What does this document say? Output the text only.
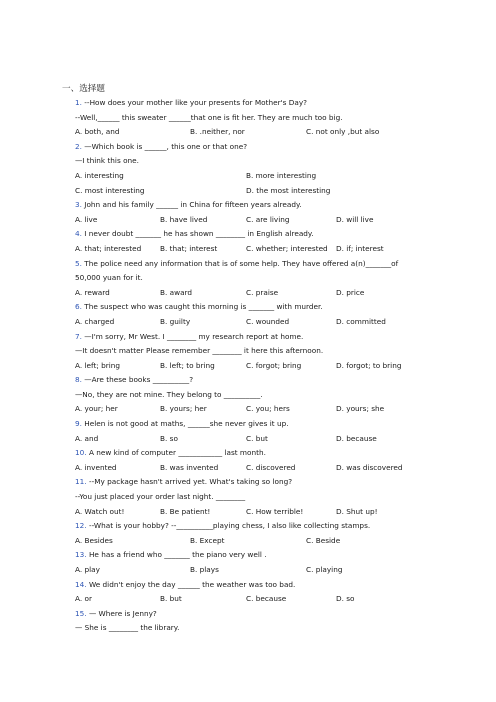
一、选择题
1. --How does your mother like your presents for Mother's Day?
--Well,______ this sweater ______that one is fit her. They are much too big.
A. both, and	B. .neither, nor	C. not only ,but also
2. —Which book is ______, this one or that one?
—I think this one.
A. interesting	B. more interesting
C. most interesting	D. the most interesting
3. John and his family ______ in China for fifteen years already.
A. live	B. have lived	C. are living	D. will live
4. I never doubt _______ he has shown ________ in English already.
A. that; interested	B. that; interest	C. whether; interested D. if; interest
5. The police need any information that is of some help. They have offered a(n)_______of
50,000 yuan for it.
A. reward	B. award	C. praise	D. price
6. The suspect who was caught this morning is _______ with murder.
A. charged	B. guilty	C. wounded	D. committed
7. —I'm sorry, Mr West. I ________ my research report at home.
—It doesn't matter Please remember ________ it here this afternoon.
A. left; bring	B. left; to bring	C. forgot; bring	D. forgot; to bring
8. —Are these books __________?
—No, they are not mine. They belong to __________.
A. your; her	B. yours; her	C. you; hers	D. yours; she
9. Helen is not good at maths, ______she never gives it up.
A. and	B. so	C. but	D. because
10. A new kind of computer ____________ last month.
A. invented	B. was invented	C. discovered	D. was discovered
11. --My package hasn't arrived yet. What's taking so long?
--You just placed your order last night. ________
A. Watch out!	B. Be patient!	C. How terrible!	D. Shut up!
12. --What is your hobby? --__________playing chess, I also like collecting stamps.
A. Besides	B. Except	C. Beside
13. He has a friend who _______ the piano very well .
A. play	B. plays	C. playing
14. We didn't enjoy the day ______ the weather was too bad.
A. or	B. but	C. because	D. so
15. — Where is Jenny?
— She is ________ the library.
